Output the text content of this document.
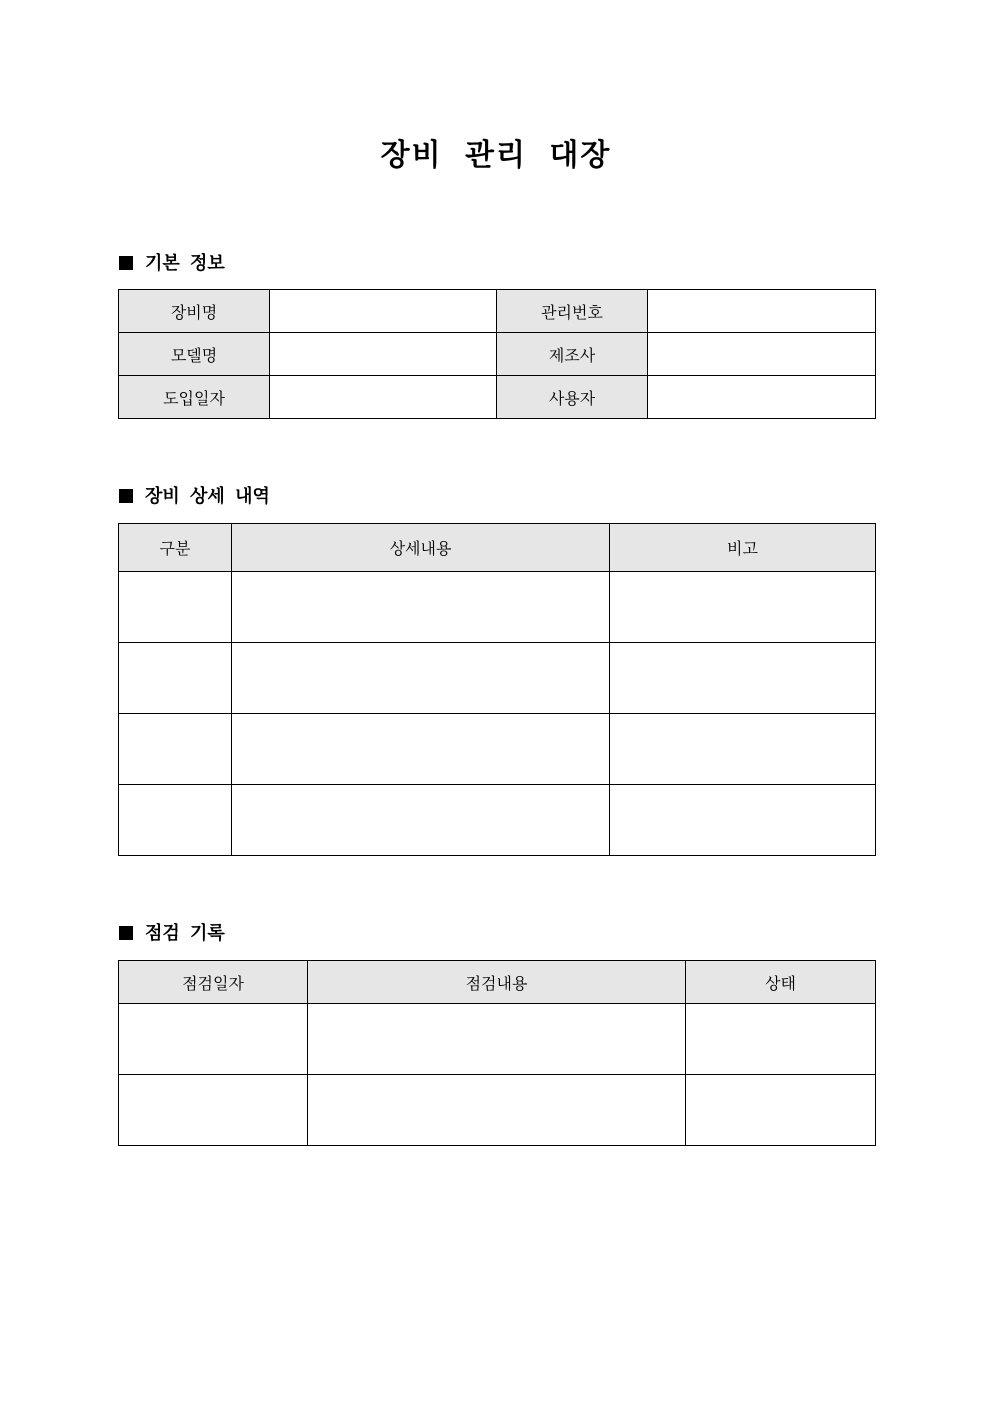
장비 관리 대장
기본 정보
장비명		관리번호	
모델명		제조사	
도입일자		사용자	
장비 상세 내역
구분	상세내용	비고

점검 기록
점검일자	점검내용	상태
